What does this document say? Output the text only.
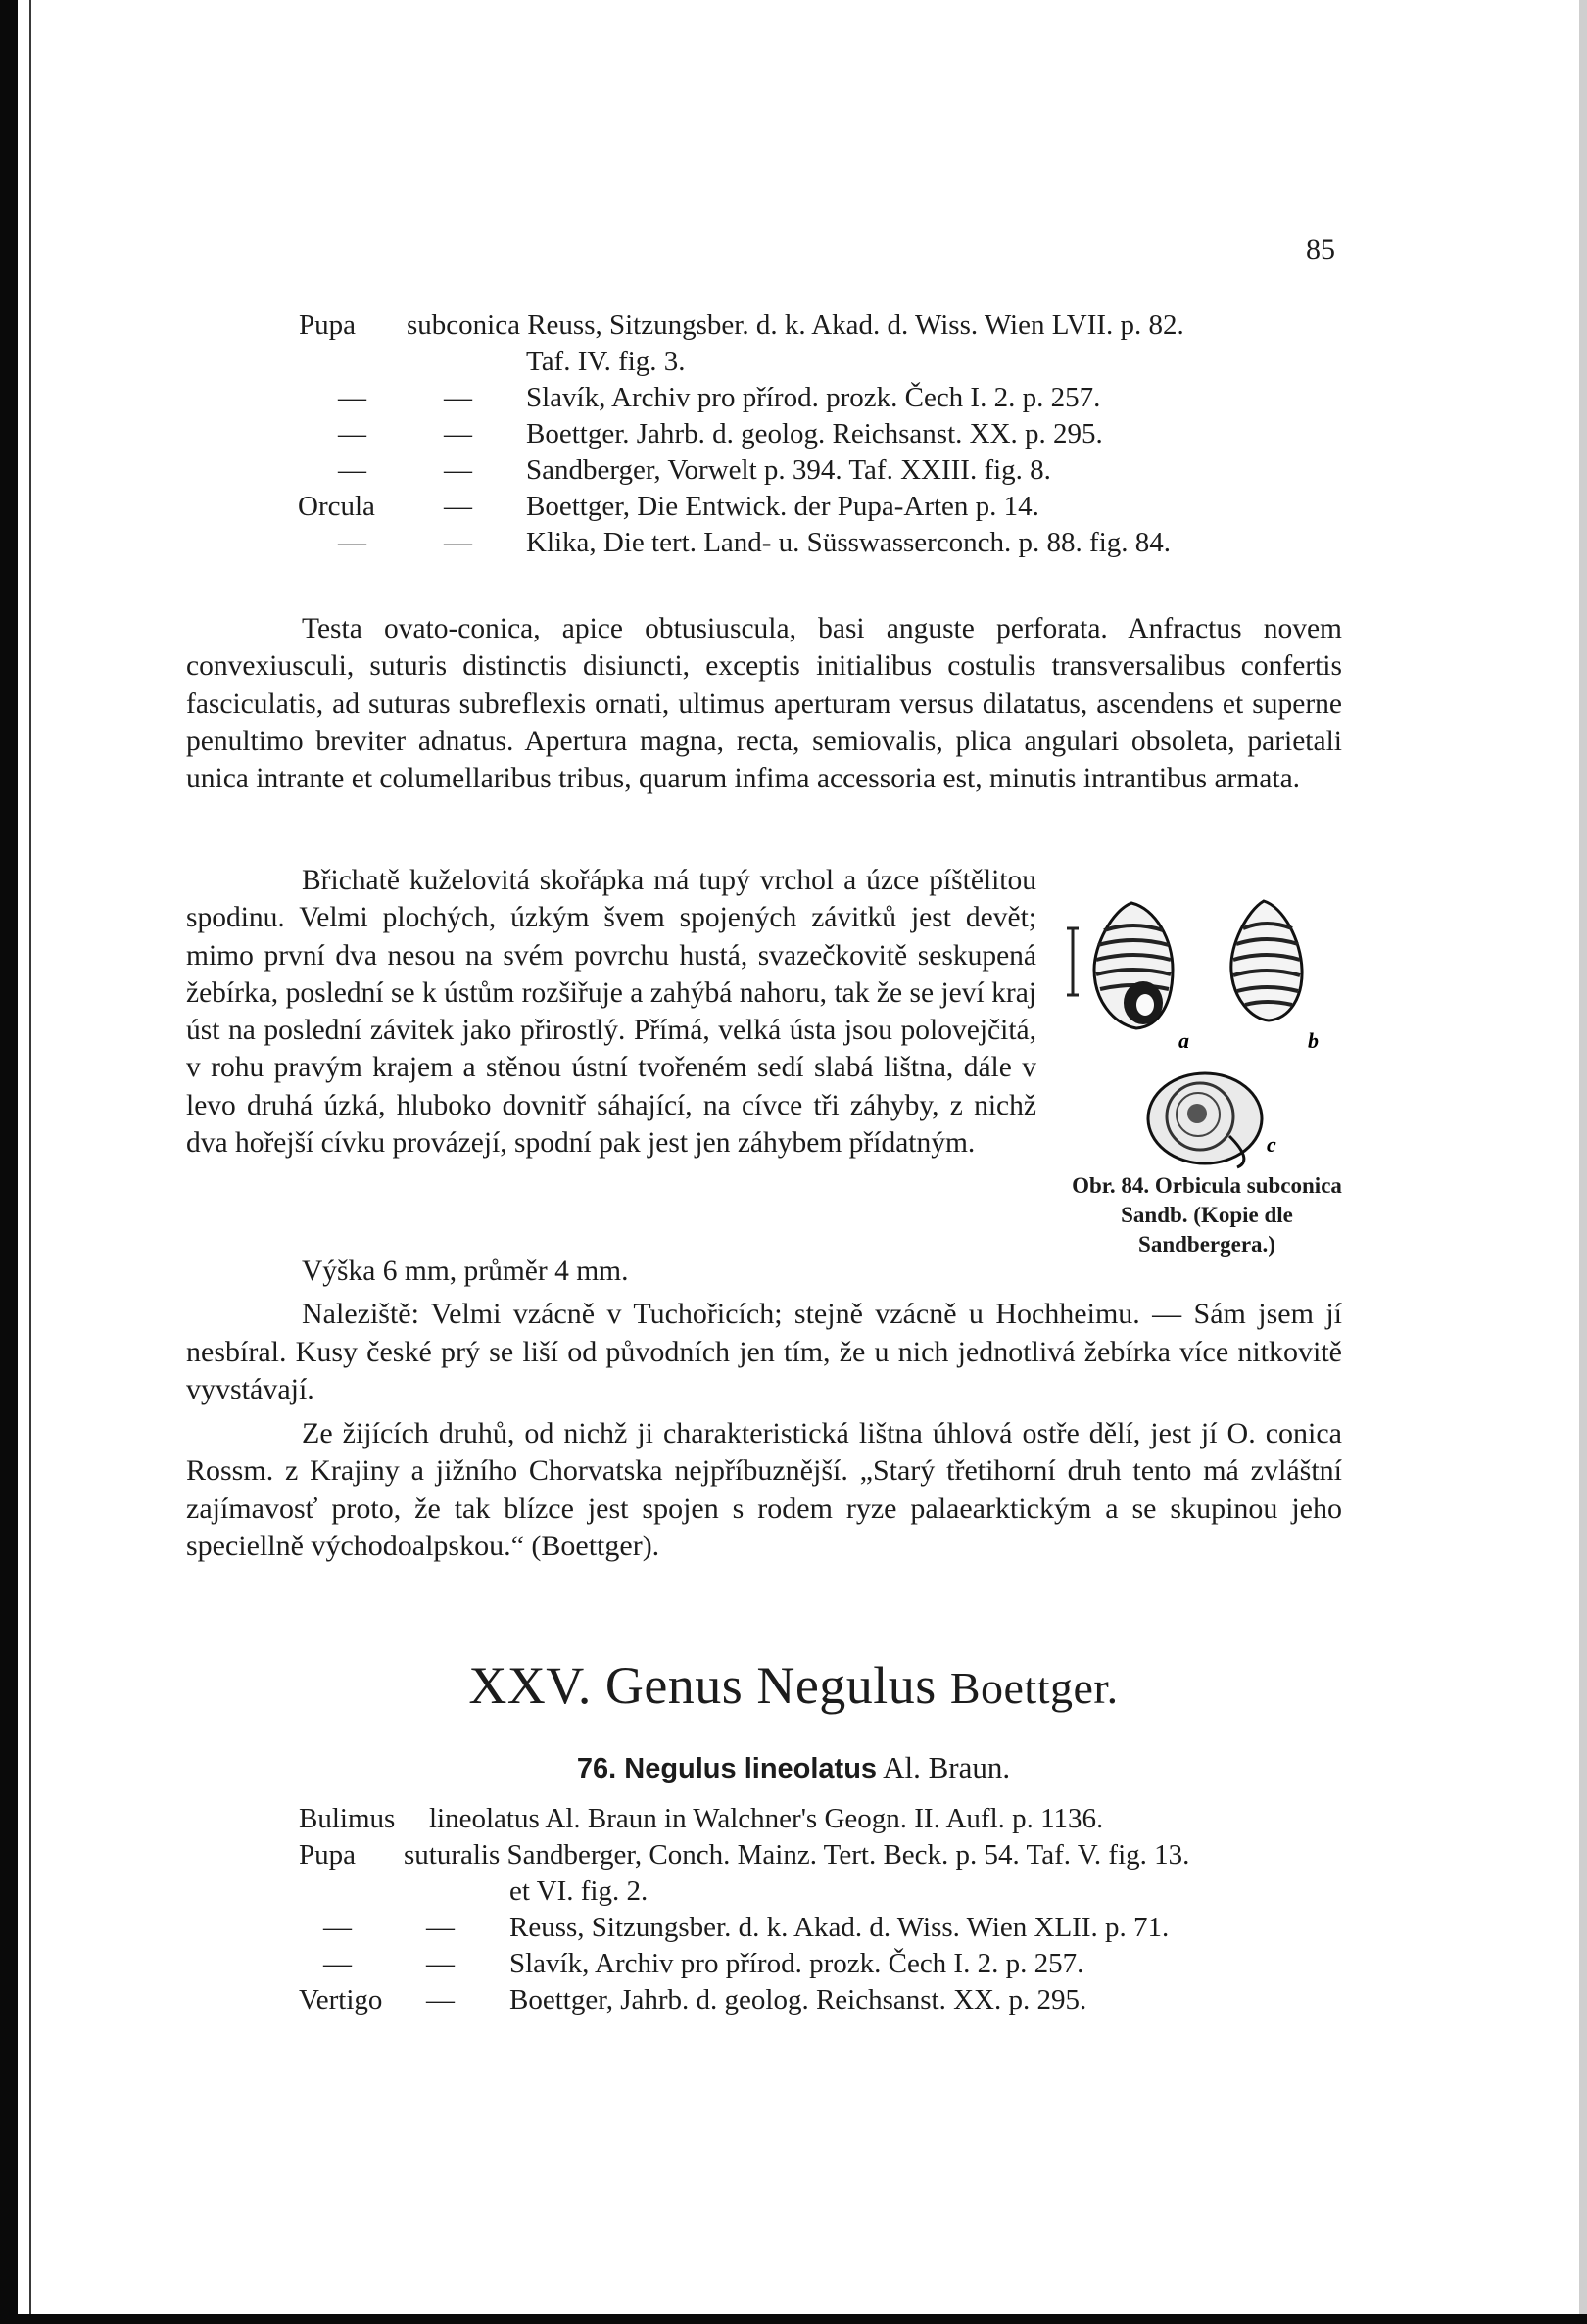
85
Pupa subconica Reuss, Sitzungsber. d. k. Akad. d. Wiss. Wien LVII. p. 82.
Taf. IV. fig. 3.
—	— Slavík, Archiv pro přírod. prozk. Čech I. 2. p. 257.
—	— Boettger. Jahrb. d. geolog. Reichsanst. XX. p. 295.
—	— Sandberger, Vorwelt p. 394. Taf. XXIII. fig. 8.
Orcula — Boettger, Die Entwick. der Pupa-Arten p. 14.
—	— Klika, Die tert. Land- u. Süsswasserconch. p. 88. fig. 84.

Testa ovato-conica, apice obtusiuscula, basi anguste perforata. Anfractus novem convexiusculi, suturis distinctis disiuncti, exceptis initialibus costulis transversalibus confertis fasciculatis, ad suturas subreflexis ornati, ultimus aperturam versus dilatatus, ascendens et superne penultimo breviter adnatus. Apertura magna, recta, semiovalis, plica angulari obsoleta, parietali unica intrante et columellaribus tribus, quarum infima accessoria est, minutis intrantibus armata.

Břichatě kuželovitá skořápka má tupý vrchol a úzce píštělitou spodinu. Velmi plochých, úzkým švem spojených závitků jest devět; mimo první dva nesou na svém povrchu hustá, svazečkovitě seskupená žebírka, poslední se k ústům rozšiřuje a zahýbá nahoru, tak že se jeví kraj úst na poslední závitek jako přirostlý. Přímá, velká ústa jsou polovejčitá, v rohu pravým krajem a stěnou ústní tvořeném sedí slabá lištna, dále v levo druhá úzká, hluboko dovnitř sáhající, na cívce tři záhyby, z nichž dva hořejší cívku provázejí, spodní pak jest jen záhybem přídatným.

Výška 6 mm, průměr 4 mm.
a	b
c
Obr. 84. Orbicula subconica Sandb. (Kopie dle Sandbergera.)

Naleziště: Velmi vzácně v Tuchořicích; stejně vzácně u Hochheimu. — Sám jsem jí nesbíral. Kusy české prý se liší od původních jen tím, že u nich jednotlivá žebírka více nitkovitě vyvstávají.

Ze žijících druhů, od nichž ji charakteristická lištna úhlová ostře dělí, jest jí O. conica Rossm. z Krajiny a jižního Chorvatska nejpříbuznější. „Starý třetihorní druh tento má zvláštní zajímavosť proto, že tak blízce jest spojen s rodem ryze palaearktickým a se skupinou jeho speciellně východoalpskou.“ (Boettger).

XXV. Genus Negulus Boettger.
76. Negulus lineolatus Al. Braun.
Bulimus lineolatus Al. Braun in Walchner's Geogn. II. Aufl. p. 1136.
Pupa suturalis Sandberger, Conch. Mainz. Tert. Beck. p. 54. Taf. V. fig. 13.
et VI. fig. 2.
—	— Reuss, Sitzungsber. d. k. Akad. d. Wiss. Wien XLII. p. 71.
—	— Slavík, Archiv pro přírod. prozk. Čech I. 2. p. 257.
Vertigo — Boettger, Jahrb. d. geolog. Reichsanst. XX. p. 295.
